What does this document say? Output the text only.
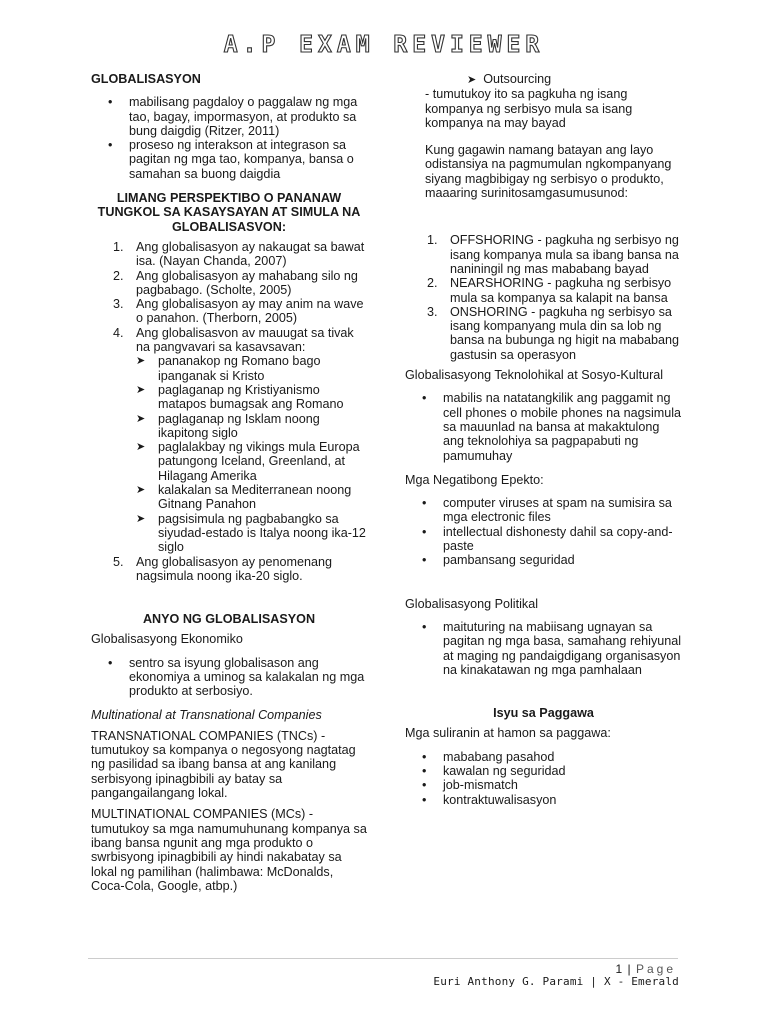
A.P EXAM REVIEWER

GLOBALISASYON

• mabilisang pagdaloy o paggalaw ng mga tao, bagay, impormasyon, at produkto sa bung daigdig (Ritzer, 2011)
• proseso ng interakson at integrason sa pagitan ng mga tao, kompanya, bansa o samahan sa buong daigdia

LIMANG PERSPEKTIBO O PANANAW TUNGKOL SA KASAYSAYAN AT SIMULA NA GLOBALISASVON:

1. Ang globalisasyon ay nakaugat sa bawat isa. (Nayan Chanda, 2007)
2. Ang globalisasyon ay mahabang silo ng pagbabago. (Scholte, 2005)
3. Ang globalisasyon ay may anim na wave o panahon. (Therborn, 2005)
4. Ang globalisasvon av mauugat sa tivak na pangvavari sa kasavsavan:
➤ pananakop ng Romano bago ipanganak si Kristo
➤ paglaganap ng Kristiyanismo matapos bumagsak ang Romano
➤ paglaganap ng Isklam noong ikapitong siglo
➤ paglalakbay ng vikings mula Europa patungong Iceland, Greenland, at Hilagang Amerika
➤ kalakalan sa Mediterranean noong Gitnang Panahon
➤ pagsisimula ng pagbabangko sa siyudad-estado is Italya noong ika-12 siglo
5. Ang globalisasyon ay penomenang nagsimula noong ika-20 siglo.

ANYO NG GLOBALISASYON

Globalisasyong Ekonomiko

• sentro sa isyung globalisason ang ekonomiya a uminog sa kalakalan ng mga produkto at serbosiyo.

Multinational at Transnational Companies

TRANSNATIONAL COMPANIES (TNCs) - tumutukoy sa kompanya o negosyong nagtatag ng pasilidad sa ibang bansa at ang kanilang serbisyong ipinagbibili ay batay sa pangangailangang lokal.

MULTINATIONAL COMPANIES (MCs) - tumutukoy sa mga namumuhunang kompanya sa ibang bansa ngunit ang mga produkto o swrbisyong ipinagbibili ay hindi nakabatay sa lokal ng pamilihan (halimbawa: McDonalds, Coca-Cola, Google, atbp.)

➤ Outsourcing

- tumutukoy ito sa pagkuha ng isang kompanya ng serbisyo mula sa isang kompanya na may bayad

Kung gagawin namang batayan ang layo odistansiya na pagmumulan ngkompanyang siyang magbibigay ng serbisyo o produkto, maaaring surinitosamgasumusunod:

1. OFFSHORING - pagkuha ng serbisyo ng isang kompanya mula sa ibang bansa na naniningil ng mas mababang bayad
2. NEARSHORING - pagkuha ng serbisyo mula sa kompanya sa kalapit na bansa
3. ONSHORING - pagkuha ng serbisyo sa isang kompanyang mula din sa lob ng bansa na bubunga ng higit na mababang gastusin sa operasyon

Globalisasyong Teknolohikal at Sosyo-Kultural

• mabilis na natatangkilik ang paggamit ng cell phones o mobile phones na nagsimula sa mauunlad na bansa at makaktulong ang teknolohiya sa pagpapabuti ng pamumuhay

Mga Negatibong Epekto:

• computer viruses at spam na sumisira sa mga electronic files
• intellectual dishonesty dahil sa copy-and-paste
• pambansang seguridad

Globalisasyong Politikal

• maituturing na mabiisang ugnayan sa pagitan ng mga basa, samahang rehiyunal at maging ng pandaigdigang organisasyon na kinakatawan ng mga pamhalaan

Isyu sa Paggawa

Mga suliranin at hamon sa paggawa:

• mababang pasahod
• kawalan ng seguridad
• job-mismatch
• kontraktuwalisasyon
1 | Page
Euri Anthony G. Parami | X - Emerald
